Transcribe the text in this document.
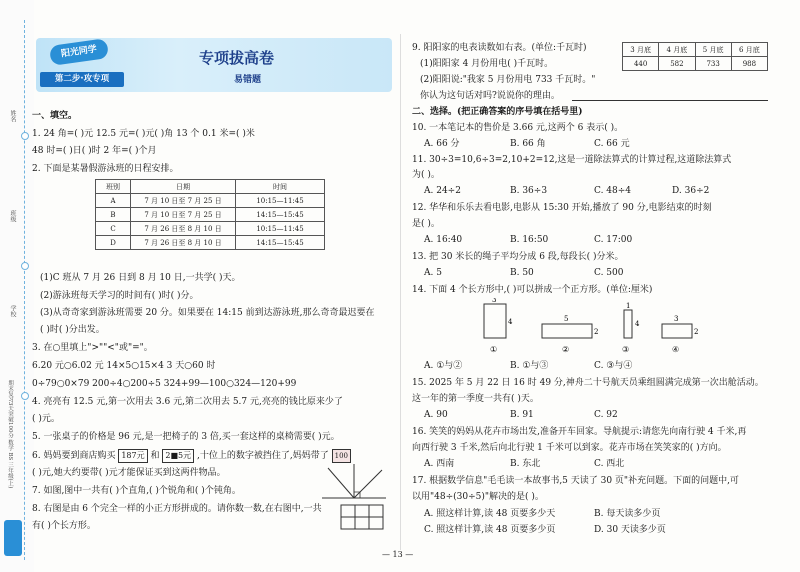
姓名
班级
学校
期末复习3天突破100分 数学 BS 三年级(上)
阳光同学
第二步·攻专项
专项拔高卷
易错题
一、填空。
1. 24 角=( )元 12.5 元=( )元( )角 13 个 0.1 米=( )米
48 时=( )日( )时 2 年=( )个月
2. 下面是某暑假游泳班的日程安排。
班别	日期	时间
A	7 月 10 日至 7 月 25 日	10:15—11:45
B	7 月 10 日至 7 月 25 日	14:15—15:45
C	7 月 26 日至 8 月 10 日	10:15—11:45
D	7 月 26 日至 8 月 10 日	14:15—15:45
(1)C 班从 7 月 26 日到 8 月 10 日,一共学( )天。
(2)游泳班每天学习的时间有( )时( )分。
(3)从奇奇家到游泳班需要 20 分。如果要在 14:15 前到达游泳班,那么奇奇最迟要在
( )时( )分出发。
3. 在○里填上">""<"或"="。
6.20 元○6.02 元 14×5○15×4 3 天○60 时
0÷79○0×79 200÷4○200÷5 324+99—100○324—120+99
4. 亮亮有 12.5 元,第一次用去 3.6 元,第二次用去 5.7 元,亮亮的钱比原来少了
( )元。
5. 一张桌子的价格是 96 元,是一把椅子的 3 倍,买一套这样的桌椅需要( )元。
6. 妈妈要到商店购买 187元 和 2■5元 ,十位上的数字被挡住了,妈妈带了 100
( )元,她大约要带( )元才能保证买到这两件物品。
7. 如图,图中一共有( )个直角,( )个锐角和( )个钝角。
8. 右图是由 6 个完全一样的小正方形拼成的。请你数一数,在右图中,一共
有( )个长方形。
9. 阳阳家的电表读数如右表。(单位:千瓦时)
(1)阳阳家 4 月份用电( )千瓦时。
(2)阳阳说:"我家 5 月份用电 733 千瓦时。"
你认为这句话对吗?说说你的理由。
3 月底	4 月底	5 月底	6 月底
440	582	733	988
二、选择。(把正确答案的序号填在括号里)
10. 一本笔记本的售价是 3.66 元,这两个 6 表示( )。
A. 66 分	B. 66 角	C. 66 元
11. 30÷3=10,6÷3=2,10+2=12,这是一道除法算式的计算过程,这道除法算式
为( )。
A. 24÷2	B. 36÷3	C. 48÷4	D. 36÷2
12. 华华和乐乐去看电影,电影从 15:30 开始,播放了 90 分,电影结束的时刻
是( )。
A. 16:40	B. 16:50	C. 17:00
13. 把 30 米长的绳子平均分成 6 段,每段长( )分米。
A. 5	B. 50	C. 500
14. 下面 4 个长方形中,( )可以拼成一个正方形。(单位:厘米)
3
4
①
5
2
②
4
1
③
3
2
④
A. ①与②	B. ①与③	C. ③与④
15. 2025 年 5 月 22 日 16 时 49 分,神舟二十号航天员乘组圆满完成第一次出舱活动。
这一年的第一季度一共有( )天。
A. 90	B. 91	C. 92
16. 笑笑的妈妈从花卉市场出发,准备开车回家。导航提示:请您先向南行驶 4 千米,再
向西行驶 3 千米,然后向北行驶 1 千米可以到家。花卉市场在笑笑家的( )方向。
A. 西南	B. 东北	C. 西北
17. 根据数学信息"毛毛读一本故事书,5 天读了 30 页"补充问题。下面的问题中,可
以用"48÷(30÷5)"解决的是( )。
A. 照这样计算,读 48 页要多少天	B. 每天读多少页
C. 照这样计算,读 48 页要多少页	D. 30 天读多少页
— 13 —
